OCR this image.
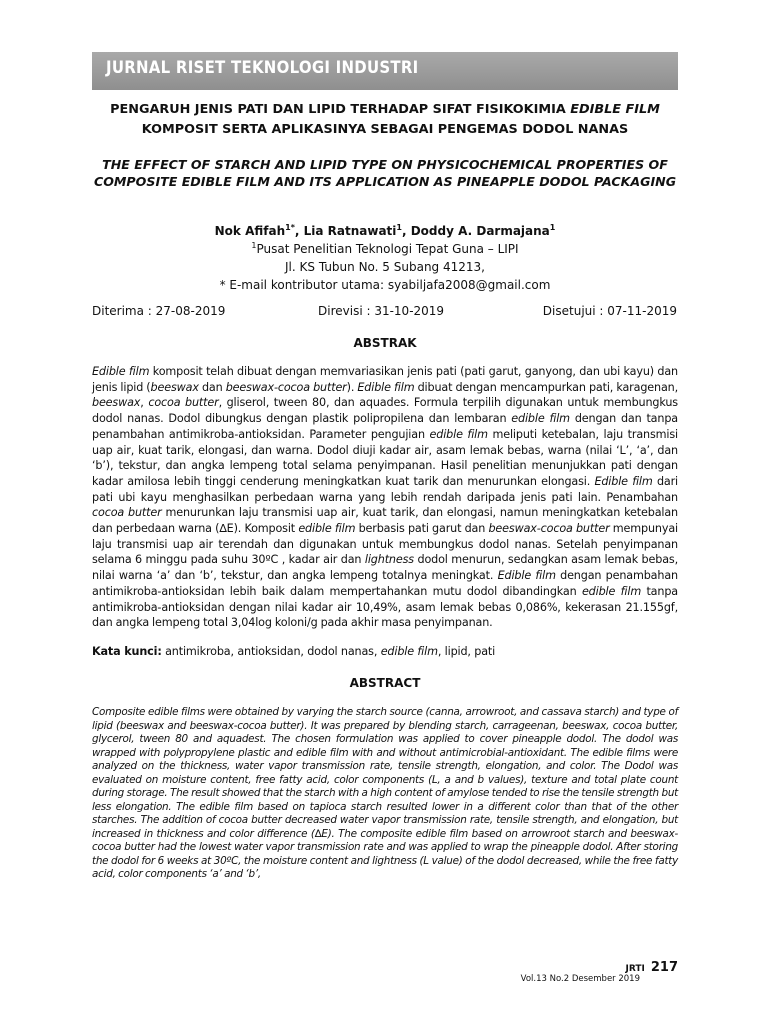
JURNAL RISET TEKNOLOGI INDUSTRI
PENGARUH JENIS PATI DAN LIPID TERHADAP SIFAT FISIKOKIMIA EDIBLE FILM KOMPOSIT SERTA APLIKASINYA SEBAGAI PENGEMAS DODOL NANAS
THE EFFECT OF STARCH AND LIPID TYPE ON PHYSICOCHEMICAL PROPERTIES OF COMPOSITE EDIBLE FILM AND ITS APPLICATION AS PINEAPPLE DODOL PACKAGING
Nok Afifah$^{1*}$, Lia Ratnawati$^1$, Doddy A. Darmajana$^1$
$^1$Pusat Penelitian Teknologi Tepat Guna – LIPI
Jl. KS Tubun No. 5 Subang 41213,
* E-mail kontributor utama: syabiljafa2008@gmail.com
Diterima : 27-08-2019	Direvisi : 31-10-2019	Disetujui : 07-11-2019
ABSTRAK
Edible film komposit telah dibuat dengan memvariasikan jenis pati (pati garut, ganyong, dan ubi kayu) dan jenis lipid (beeswax dan beeswax-cocoa butter). Edible film dibuat dengan mencampurkan pati, karagenan, beeswax, cocoa butter, gliserol, tween 80, dan aquades. Formula terpilih digunakan untuk membungkus dodol nanas. Dodol dibungkus dengan plastik polipropilena dan lembaran edible film dengan dan tanpa penambahan antimikroba-antioksidan. Parameter pengujian edible film meliputi ketebalan, laju transmisi uap air, kuat tarik, elongasi, dan warna. Dodol diuji kadar air, asam lemak bebas, warna (nilai ‘L’, ‘a’, dan ‘b’), tekstur, dan angka lempeng total selama penyimpanan. Hasil penelitian menunjukkan pati dengan kadar amilosa lebih tinggi cenderung meningkatkan kuat tarik dan menurunkan elongasi. Edible film dari pati ubi kayu menghasilkan perbedaan warna yang lebih rendah daripada jenis pati lain. Penambahan cocoa butter menurunkan laju transmisi uap air, kuat tarik, dan elongasi, namun meningkatkan ketebalan dan perbedaan warna (∆E). Komposit edible film berbasis pati garut dan beeswax-cocoa butter mempunyai laju transmisi uap air terendah dan digunakan untuk membungkus dodol nanas. Setelah penyimpanan selama 6 minggu pada suhu 30ºC , kadar air dan lightness dodol menurun, sedangkan asam lemak bebas, nilai warna ‘a’ dan ‘b’, tekstur, dan angka lempeng totalnya meningkat. Edible film dengan penambahan antimikroba-antioksidan lebih baik dalam mempertahankan mutu dodol dibandingkan edible film tanpa antimikroba-antioksidan dengan nilai kadar air 10,49%, asam lemak bebas 0,086%, kekerasan 21.155gf, dan angka lempeng total 3,04log koloni/g pada akhir masa penyimpanan.
Kata kunci: antimikroba, antioksidan, dodol nanas, edible film, lipid, pati
ABSTRACT
Composite edible films were obtained by varying the starch source (canna, arrowroot, and cassava starch) and type of lipid (beeswax and beeswax-cocoa butter). It was prepared by blending starch, carrageenan, beeswax, cocoa butter, glycerol, tween 80 and aquadest. The chosen formulation was applied to cover pineapple dodol. The dodol was wrapped with polypropylene plastic and edible film with and without antimicrobial-antioxidant. The edible films were analyzed on the thickness, water vapor transmission rate, tensile strength, elongation, and color. The Dodol was evaluated on moisture content, free fatty acid, color components (L, a and b values), texture and total plate count during storage. The result showed that the starch with a high content of amylose tended to rise the tensile strength but less elongation. The edible film based on tapioca starch resulted lower in a different color than that of the other starches. The addition of cocoa butter decreased water vapor transmission rate, tensile strength, and elongation, but increased in thickness and color difference (∆E). The composite edible film based on arrowroot starch and beeswax-cocoa butter had the lowest water vapor transmission rate and was applied to wrap the pineapple dodol. After storing the dodol for 6 weeks at 30ºC, the moisture content and lightness (L value) of the dodol decreased, while the free fatty acid, color components ‘a’ and ‘b’,
JRTI 217
Vol.13 No.2 Desember 2019
